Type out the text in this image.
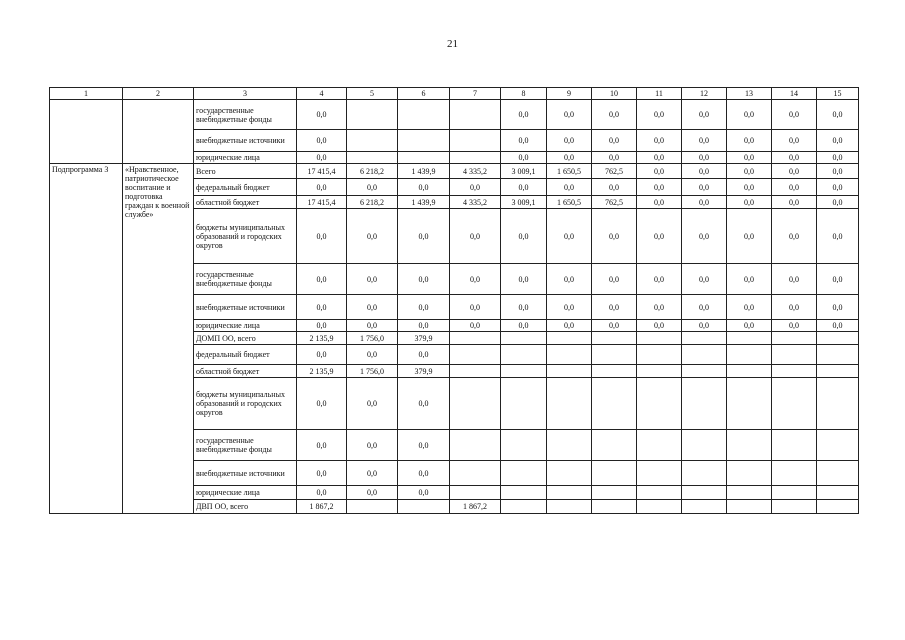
21
1	2	3	4	5	6	7	8	9	10	11	12	13	14	15
		государственные внебюджетные фонды	0,0				0,0	0,0	0,0	0,0	0,0	0,0	0,0	0,0
		внебюджетные источники	0,0				0,0	0,0	0,0	0,0	0,0	0,0	0,0	0,0
		юридические лица	0,0				0,0	0,0	0,0	0,0	0,0	0,0	0,0	0,0
Подпрограмма 3	«Нравственное, патриотическое воспитание и подготовка граждан к военной службе»	Всего	17 415,4	6 218,2	1 439,9	4 335,2	3 009,1	1 650,5	762,5	0,0	0,0	0,0	0,0	0,0
		федеральный бюджет	0,0	0,0	0,0	0,0	0,0	0,0	0,0	0,0	0,0	0,0	0,0	0,0
		областной бюджет	17 415,4	6 218,2	1 439,9	4 335,2	3 009,1	1 650,5	762,5	0,0	0,0	0,0	0,0	0,0
		бюджеты муниципальных образований и городских округов	0,0	0,0	0,0	0,0	0,0	0,0	0,0	0,0	0,0	0,0	0,0	0,0
		государственные внебюджетные фонды	0,0	0,0	0,0	0,0	0,0	0,0	0,0	0,0	0,0	0,0	0,0	0,0
		внебюджетные источники	0,0	0,0	0,0	0,0	0,0	0,0	0,0	0,0	0,0	0,0	0,0	0,0
		юридические лица	0,0	0,0	0,0	0,0	0,0	0,0	0,0	0,0	0,0	0,0	0,0	0,0
		ДОМП ОО, всего	2 135,9	1 756,0	379,9									
		федеральный бюджет	0,0	0,0	0,0									
		областной бюджет	2 135,9	1 756,0	379,9									
		бюджеты муниципальных образований и городских округов	0,0	0,0	0,0									
		государственные внебюджетные фонды	0,0	0,0	0,0									
		внебюджетные источники	0,0	0,0	0,0									
		юридические лица	0,0	0,0	0,0									
		ДВП ОО, всего	1 867,2			1 867,2								
